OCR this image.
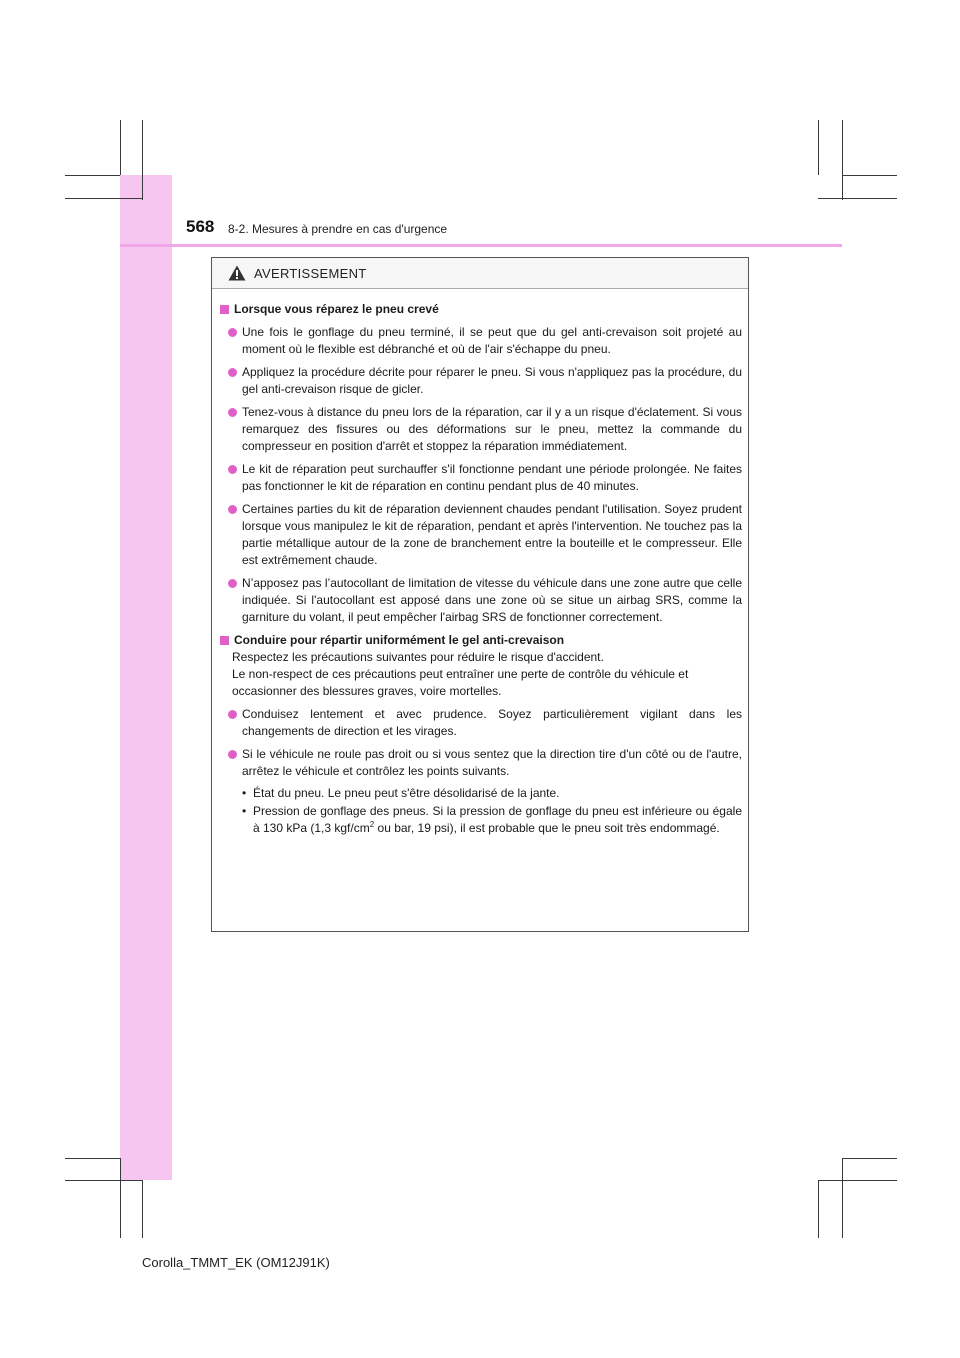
568 8-2. Mesures à prendre en cas d'urgence
AVERTISSEMENT
Lorsque vous réparez le pneu crevé
Une fois le gonflage du pneu terminé, il se peut que du gel anti-crevaison soit projeté au moment où le flexible est débranché et où de l'air s'échappe du pneu.
Appliquez la procédure décrite pour réparer le pneu. Si vous n'appliquez pas la procédure, du gel anti-crevaison risque de gicler.
Tenez-vous à distance du pneu lors de la réparation, car il y a un risque d'éclatement. Si vous remarquez des fissures ou des déformations sur le pneu, mettez la commande du compresseur en position d'arrêt et stoppez la réparation immédiatement.
Le kit de réparation peut surchauffer s'il fonctionne pendant une période prolongée. Ne faites pas fonctionner le kit de réparation en continu pendant plus de 40 minutes.
Certaines parties du kit de réparation deviennent chaudes pendant l'utilisation. Soyez prudent lorsque vous manipulez le kit de réparation, pendant et après l'intervention. Ne touchez pas la partie métallique autour de la zone de branchement entre la bouteille et le compresseur. Elle est extrêmement chaude.
N’apposez pas l’autocollant de limitation de vitesse du véhicule dans une zone autre que celle indiquée. Si l'autocollant est apposé dans une zone où se situe un airbag SRS, comme la garniture du volant, il peut empêcher l'airbag SRS de fonctionner correctement.
Conduire pour répartir uniformément le gel anti-crevaison
Respectez les précautions suivantes pour réduire le risque d'accident.
Le non-respect de ces précautions peut entraîner une perte de contrôle du véhicule et occasionner des blessures graves, voire mortelles.
Conduisez lentement et avec prudence. Soyez particulièrement vigilant dans les changements de direction et les virages.
Si le véhicule ne roule pas droit ou si vous sentez que la direction tire d'un côté ou de l'autre, arrêtez le véhicule et contrôlez les points suivants.
• État du pneu. Le pneu peut s'être désolidarisé de la jante.
• Pression de gonflage des pneus. Si la pression de gonflage du pneu est inférieure ou égale à 130 kPa (1,3 kgf/$cm^2$ ou bar, 19 psi), il est probable que le pneu soit très endommagé.
Corolla_TMMT_EK (OM12J91K)
